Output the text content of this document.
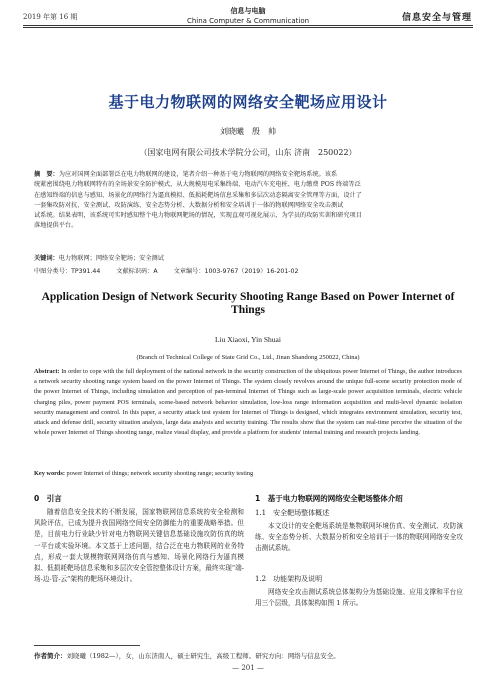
2019 年第 16 期
信息与电脑
China Computer & Communication	信息安全与管理
基于电力物联网的网络安全靶场应用设计
刘晓曦　殷　帅
（国家电网有限公司技术学院分公司，山东 济南　250022）
摘　要：为应对国网全面部署泛在电力物联网的建设，笔者介绍一种基于电力物联网的网络安全靶场系统。该系
统紧密围绕电力物联网特有的全场景安全防护模式，从大规模用电采集终端、电动汽车充电桩、电力缴费 POS 终端等泛
在感知终端的信息与感知、场景化的网络行为逼真模拟、低损耗靶场信息采集和多层次动态隔离安全管理等方面，设计了
一套集攻防对抗、安全测试、攻防演练、安全态势分析、大数据分析和安全培训于一体的物联网网络安全攻击测试
试系统。结果表明，该系统可实时感知整个电力物联网靶场的情况，实现直观可视化展示，为学员的攻防实训和研究项目
落地提供平台。
关键词：电力物联网；网络安全靶场；安全测试
中图分类号：TP391.44	文献标识码：A	文章编号：1003-9767（2019）16-201-02
Application Design of Network Security Shooting Range Based on Power Internet of Things
Liu Xiaoxi, Yin Shuai
(Branch of Technical College of State Grid Co., Ltd., Jinan Shandong 250022, China)
Abstract: In order to cope with the full deployment of the national network in the security construction of the ubiquitous power Internet of Things, the author introduces a network security shooting range system based on the power Internet of Things. The system closely revolves around the unique full-scene security protection mode of the power Internet of Things, including simulation and perception of pan-terminal Internet of Things such as large-scale power acquisition terminals, electric vehicle charging piles, power payment POS terminals, scene-based network behavior simulation, low-loss range information acquisition and multi-level dynamic isolation security management and control. In this paper, a security attack test system for Internet of Things is designed, which integrates environment simulation, security test, attack and defense drill, security situation analysis, large data analysis and security training. The results show that the system can real-time perceive the situation of the whole power Internet of Things shooting range, realize visual display, and provide a platform for students' internal training and research projects landing.
Key words: power Internet of things; network security shooting range; security testing
0　引言
随着信息安全技术的不断发展，国家物联网信息系统的安全检测和风险评估，已成为提升我国网络空间安全防御能力的重要战略举措。但是，目前电力行业缺少针对电力物联网关键信息基础设施攻防仿真的统一平台或实验环境。本文基于上述问题，结合泛在电力物联网的业务特点，形成一套大规模物联网网络仿真与感知、场景化网络行为逼真模拟、低损耗靶场信息采集和多层次安全管控整体设计方案，最终实现“端-场-边-管-云”架构的靶场环境设计。
1　基于电力物联网的网络安全靶场整体介绍
1.1　安全靶场整体概述
本文设计的安全靶场系统是集物联网环境仿真、安全测试、攻防演练、安全态势分析、大数据分析和安全培训于一体的物联网网络安全攻击测试系统。
1.2　功能架构及说明
网络安全攻击测试系统总体架构分为基础设施、应用支撑和平台应用三个层级，具体架构如图 1 所示。
作者简介：刘晓曦（1982—），女，山东济南人，硕士研究生，高级工程师。研究方向：网络与信息安全。
— 201 —
